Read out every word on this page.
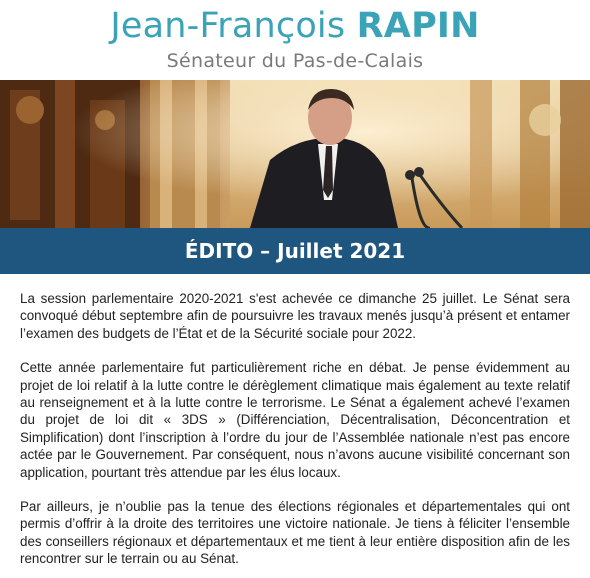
Jean-François RAPIN
Sénateur du Pas-de-Calais
ÉDITO – Juillet 2021

La session parlementaire 2020-2021 s'est achevée ce dimanche 25 juillet. Le Sénat sera convoqué début septembre afin de poursuivre les travaux menés jusqu’à présent et entamer l’examen des budgets de l’État et de la Sécurité sociale pour 2022.

Cette année parlementaire fut particulièrement riche en débat. Je pense évidemment au projet de loi relatif à la lutte contre le dérèglement climatique mais également au texte relatif au renseignement et à la lutte contre le terrorisme. Le Sénat a également achevé l’examen du projet de loi dit « 3DS » (Différenciation, Décentralisation, Déconcentration et Simplification) dont l’inscription à l’ordre du jour de l’Assemblée nationale n’est pas encore actée par le Gouvernement. Par conséquent, nous n’avons aucune visibilité concernant son application, pourtant très attendue par les élus locaux.

Par ailleurs, je n’oublie pas la tenue des élections régionales et départementales qui ont permis d’offrir à la droite des territoires une victoire nationale. Je tiens à féliciter l’ensemble des conseillers régionaux et départementaux et me tient à leur entière disposition afin de les rencontrer sur le terrain ou au Sénat.
